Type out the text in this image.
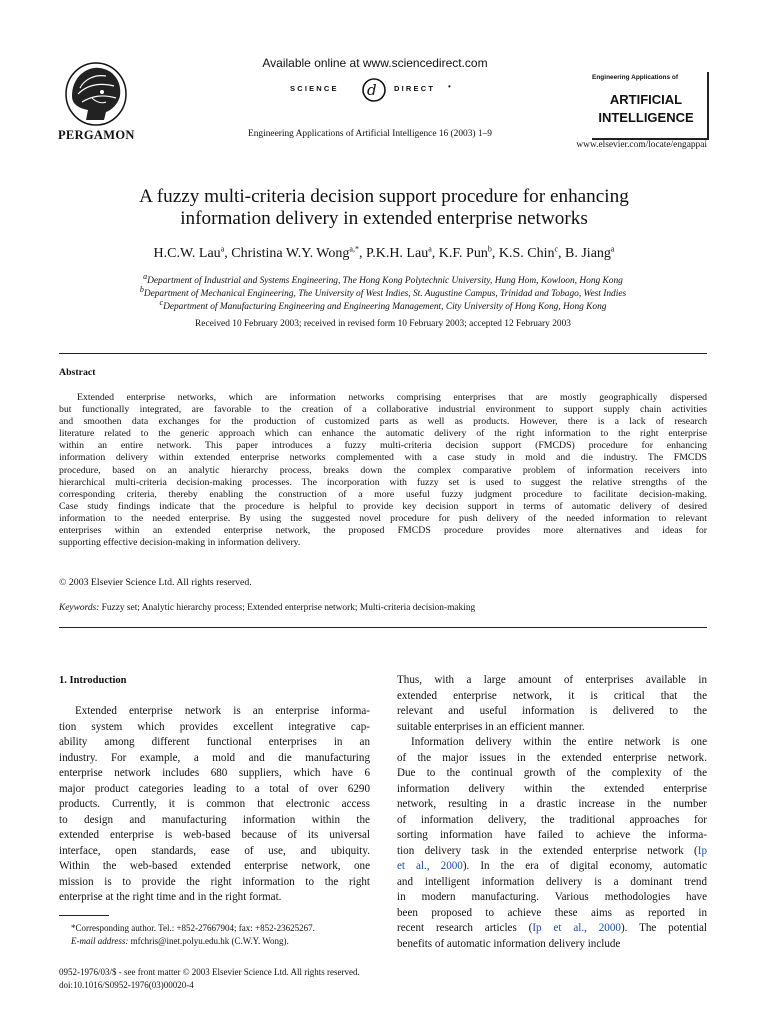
PERGAMON
Available online at www.sciencedirect.com
SCIENCE d DIRECT •
Engineering Applications of Artificial Intelligence 16 (2003) 1–9
Engineering Applications of
ARTIFICIAL
INTELLIGENCE
www.elsevier.com/locate/engappai
A fuzzy multi-criteria decision support procedure for enhancing
information delivery in extended enterprise networks
H.C.W. Lau$^a$, Christina W.Y. Wong$^{a,*}$, P.K.H. Lau$^a$, K.F. Pun$^b$, K.S. Chin$^c$, B. Jiang$^a$
$^a$Department of Industrial and Systems Engineering, The Hong Kong Polytechnic University, Hung Hom, Kowloon, Hong Kong
$^b$Department of Mechanical Engineering, The University of West Indies, St. Augustine Campus, Trinidad and Tobago, West Indies
$^c$Department of Manufacturing Engineering and Engineering Management, City University of Hong Kong, Hong Kong
Received 10 February 2003; received in revised form 10 February 2003; accepted 12 February 2003
Abstract
Extended enterprise networks, which are information networks comprising enterprises that are mostly geographically dispersed
but functionally integrated, are favorable to the creation of a collaborative industrial environment to support supply chain activities
and smoothen data exchanges for the production of customized parts as well as products. However, there is a lack of research
literature related to the generic approach which can enhance the automatic delivery of the right information to the right enterprise
within an entire network. This paper introduces a fuzzy multi-criteria decision support (FMCDS) procedure for enhancing
information delivery within extended enterprise networks complemented with a case study in mold and die industry. The FMCDS
procedure, based on an analytic hierarchy process, breaks down the complex comparative problem of information receivers into
hierarchical multi-criteria decision-making processes. The incorporation with fuzzy set is used to suggest the relative strengths of the
corresponding criteria, thereby enabling the construction of a more useful fuzzy judgment procedure to facilitate decision-making.
Case study findings indicate that the procedure is helpful to provide key decision support in terms of automatic delivery of desired
information to the needed enterprise. By using the suggested novel procedure for push delivery of the needed information to relevant
enterprises within an extended enterprise network, the proposed FMCDS procedure provides more alternatives and ideas for
supporting effective decision-making in information delivery.
© 2003 Elsevier Science Ltd. All rights reserved.
Keywords: Fuzzy set; Analytic hierarchy process; Extended enterprise network; Multi-criteria decision-making
1. Introduction
Extended enterprise network is an enterprise informa-
tion system which provides excellent integrative cap-
ability among different functional enterprises in an
industry. For example, a mold and die manufacturing
enterprise network includes 680 suppliers, which have 6
major product categories leading to a total of over 6290
products. Currently, it is common that electronic access
to design and manufacturing information within the
extended enterprise is web-based because of its universal
interface, open standards, ease of use, and ubiquity.
Within the web-based extended enterprise network, one
mission is to provide the right information to the right
enterprise at the right time and in the right format.
*Corresponding author. Tel.: +852-27667904; fax: +852-23625267.
E-mail address: mfchris@inet.polyu.edu.hk (C.W.Y. Wong).
Thus, with a large amount of enterprises available in
extended enterprise network, it is critical that the
relevant and useful information is delivered to the
suitable enterprises in an efficient manner.
Information delivery within the entire network is one
of the major issues in the extended enterprise network.
Due to the continual growth of the complexity of the
information delivery within the extended enterprise
network, resulting in a drastic increase in the number
of information delivery, the traditional approaches for
sorting information have failed to achieve the informa-
tion delivery task in the extended enterprise network (Ip
et al., 2000). In the era of digital economy, automatic
and intelligent information delivery is a dominant trend
in modern manufacturing. Various methodologies have
been proposed to achieve these aims as reported in
recent research articles (Ip et al., 2000). The potential
benefits of automatic information delivery include
0952-1976/03/$ - see front matter © 2003 Elsevier Science Ltd. All rights reserved.
doi:10.1016/S0952-1976(03)00020-4
